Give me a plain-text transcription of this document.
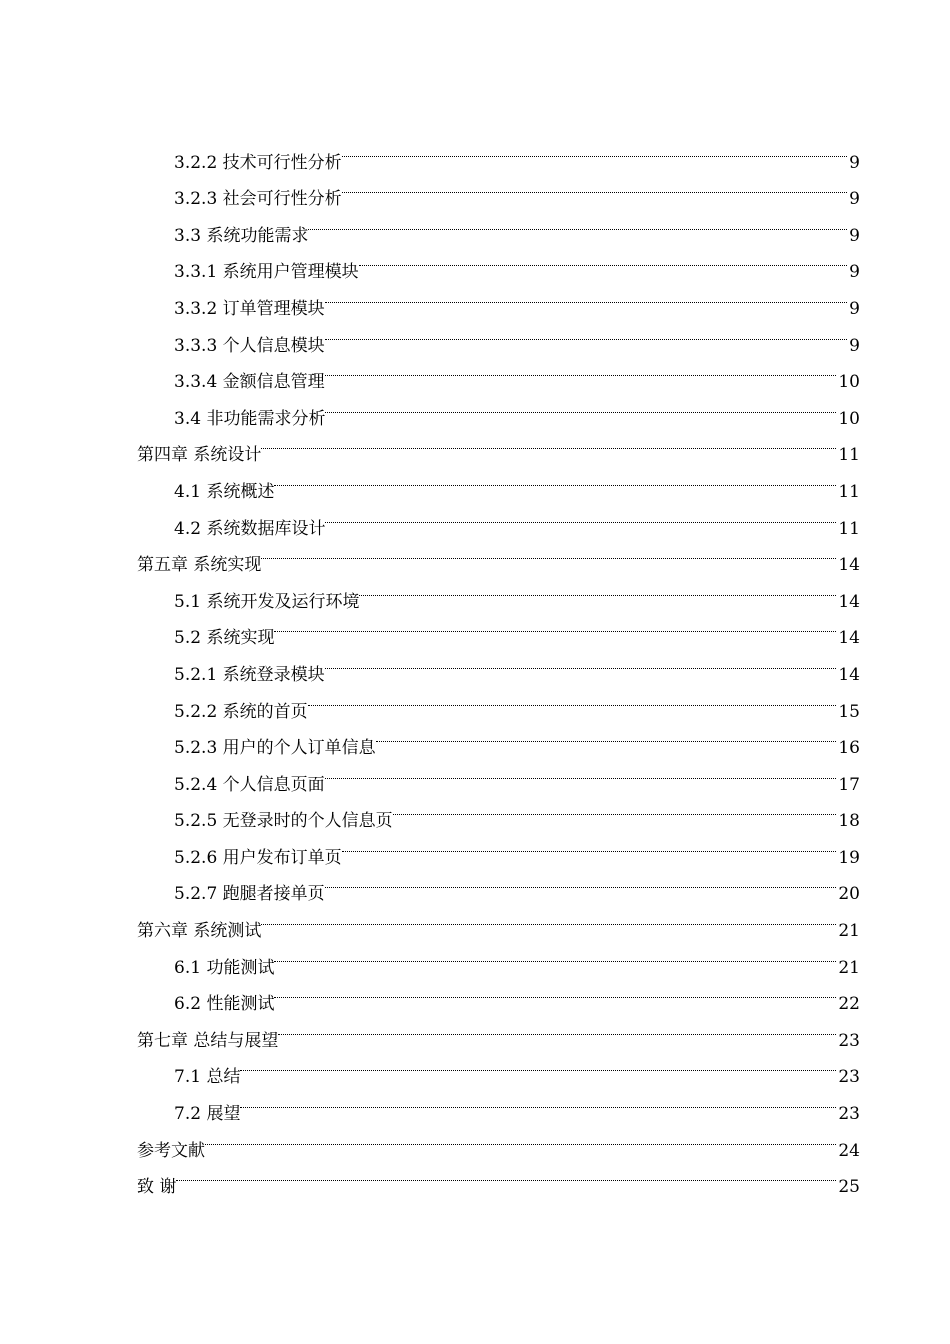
3.2.2 技术可行性分析	9
3.2.3 社会可行性分析	9
3.3 系统功能需求	9
3.3.1 系统用户管理模块	9
3.3.2 订单管理模块	9
3.3.3 个人信息模块	9
3.3.4 金额信息管理	10
3.4 非功能需求分析	10
第四章 系统设计	11
4.1 系统概述	11
4.2 系统数据库设计	11
第五章 系统实现	14
5.1 系统开发及运行环境	14
5.2 系统实现	14
5.2.1 系统登录模块	14
5.2.2 系统的首页	15
5.2.3 用户的个人订单信息	16
5.2.4 个人信息页面	17
5.2.5 无登录时的个人信息页	18
5.2.6 用户发布订单页	19
5.2.7 跑腿者接单页	20
第六章 系统测试	21
6.1 功能测试	21
6.2 性能测试	22
第七章 总结与展望	23
7.1 总结	23
7.2 展望	23
参考文献	24
致 谢	25
